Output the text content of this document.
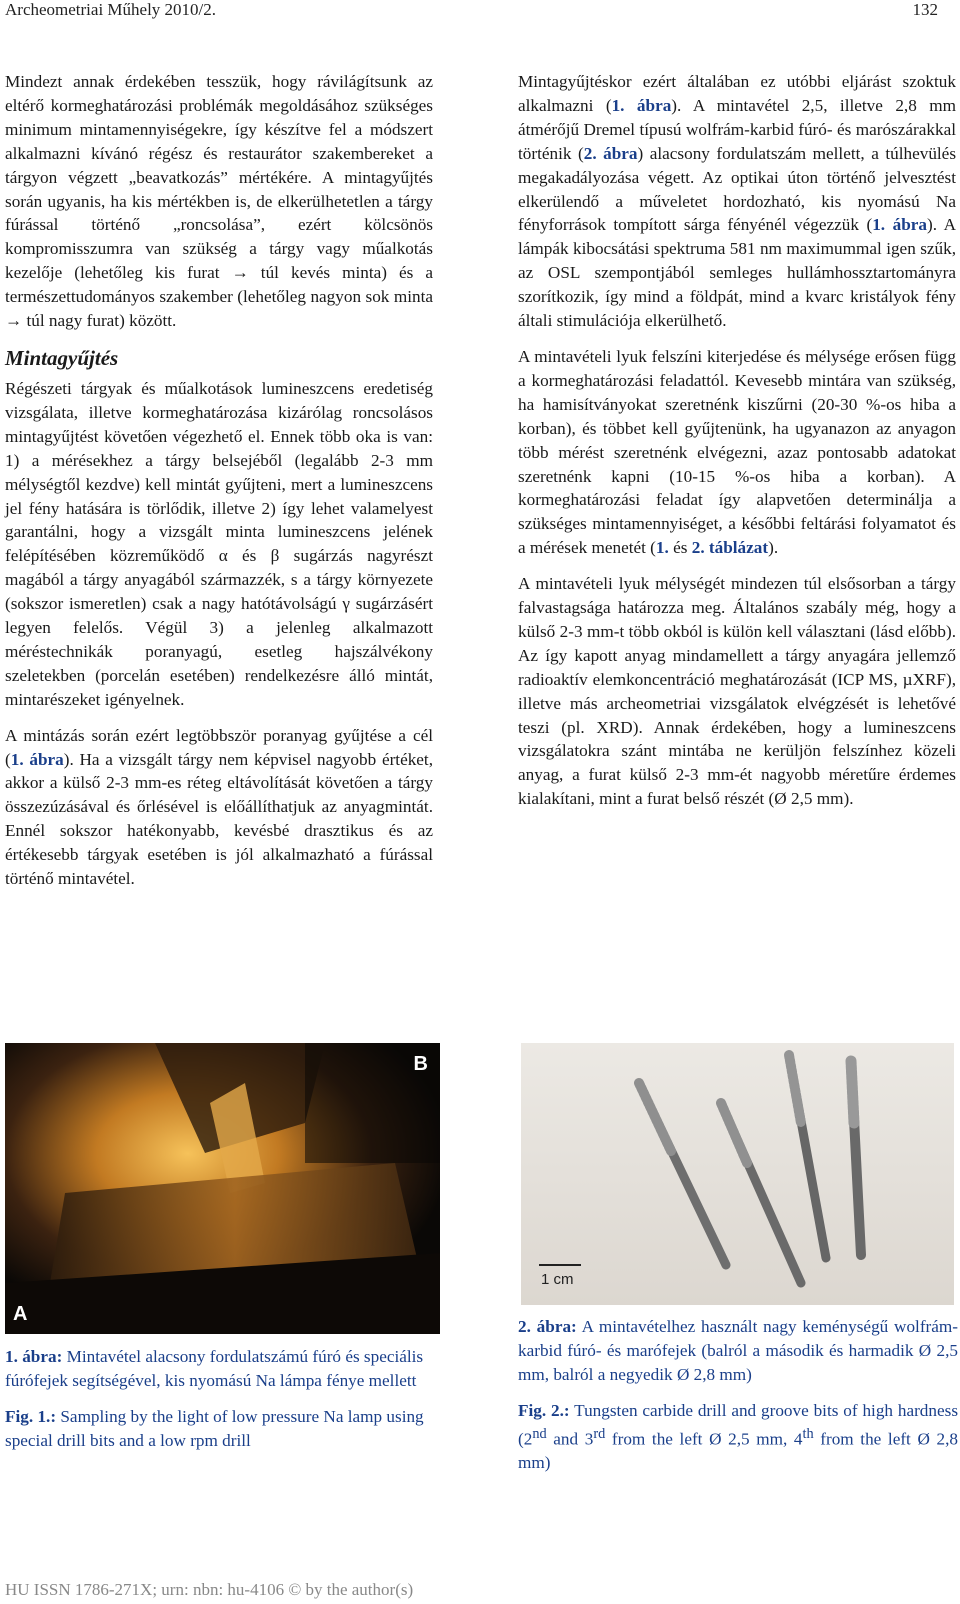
Archeometriai Műhely 2010/2.	132

Mindezt annak érdekében tesszük, hogy rávilágítsunk az eltérő kormeghatározási problémák megoldásához szükséges minimum mintamennyiségekre, így készítve fel a módszert alkalmazni kívánó régész és restaurátor szakembereket a tárgyon végzett „beavatkozás” mértékére. A mintagyűjtés során ugyanis, ha kis mértékben is, de elkerülhetetlen a tárgy fúrással történő „roncsolása”, ezért kölcsönös kompromisszumra van szükség a tárgy vagy műalkotás kezelője (lehetőleg kis furat → túl kevés minta) és a természettudományos szakember (lehetőleg nagyon sok minta → túl nagy furat) között.

Mintagyűjtés

Régészeti tárgyak és műalkotások lumineszcens eredetiség vizsgálata, illetve kormeghatározása kizárólag roncsolásos mintagyűjtést követően végezhető el. Ennek több oka is van: 1) a mérésekhez a tárgy belsejéből (legalább 2-3 mm mélységtől kezdve) kell mintát gyűjteni, mert a lumineszcens jel fény hatására is törlődik, illetve 2) így lehet valamelyest garantálni, hogy a vizsgált minta lumineszcens jelének felépítésében közreműködő α és β sugárzás nagyrészt magából a tárgy anyagából származzék, s a tárgy környezete (sokszor ismeretlen) csak a nagy hatótávolságú γ sugárzásért legyen felelős. Végül 3) a jelenleg alkalmazott méréstechnikák poranyagú, esetleg hajszálvékony szeletekben (porcelán esetében) rendelkezésre álló mintát, mintarészeket igényelnek.

A mintázás során ezért legtöbbször poranyag gyűjtése a cél (1. ábra). Ha a vizsgált tárgy nem képvisel nagyobb értéket, akkor a külső 2-3 mm-es réteg eltávolítását követően a tárgy összezúzásával és őrlésével is előállíthatjuk az anyagmintát. Ennél sokszor hatékonyabb, kevésbé drasztikus és az értékesebb tárgyak esetében is jól alkalmazható a fúrással történő mintavétel.

Mintagyűjtéskor ezért általában ez utóbbi eljárást szoktuk alkalmazni (1. ábra). A mintavétel 2,5, illetve 2,8 mm átmérőjű Dremel típusú wolfrám-karbid fúró- és marószárakkal történik (2. ábra) alacsony fordulatszám mellett, a túlhevülés megakadályozása végett. Az optikai úton történő jelvesztést elkerülendő a műveletet hordozható, kis nyomású Na fényforrások tompított sárga fényénél végezzük (1. ábra). A lámpák kibocsátási spektruma 581 nm maximummal igen szűk, az OSL szempontjából semleges hullámhossztartományra szorítkozik, így mind a földpát, mind a kvarc kristályok fény általi stimulációja elkerülhető.

A mintavételi lyuk felszíni kiterjedése és mélysége erősen függ a kormeghatározási feladattól. Kevesebb mintára van szükség, ha hamisítványokat szeretnénk kiszűrni (20-30 %-os hiba a korban), és többet kell gyűjtenünk, ha ugyanazon az anyagon több mérést szeretnénk elvégezni, azaz pontosabb adatokat szeretnénk kapni (10-15 %-os hiba a korban). A kormeghatározási feladat így alapvetően determinálja a szükséges mintamennyiséget, a későbbi feltárási folyamatot és a mérések menetét (1. és 2. táblázat).

A mintavételi lyuk mélységét mindezen túl elsősorban a tárgy falvastagsága határozza meg. Általános szabály még, hogy a külső 2-3 mm-t több okból is külön kell választani (lásd előbb). Az így kapott anyag mindamellett a tárgy anyagára jellemző radioaktív elemkoncentráció meghatározását (ICP MS, µXRF), illetve más archeometriai vizsgálatok elvégzését is lehetővé teszi (pl. XRD). Annak érdekében, hogy a lumineszcens vizsgálatokra szánt mintába ne kerüljön felszínhez közeli anyag, a furat külső 2-3 mm-ét nagyobb méretűre érdemes kialakítani, mint a furat belső részét (Ø 2,5 mm).

A
B
1 cm

1. ábra: Mintavétel alacsony fordulatszámú fúró és speciális fúrófejek segítségével, kis nyomású Na lámpa fénye mellett

Fig. 1.: Sampling by the light of low pressure Na lamp using special drill bits and a low rpm drill

2. ábra: A mintavételhez használt nagy keménységű wolfrám-karbid fúró- és marófejek (balról a második és harmadik Ø 2,5 mm, balról a negyedik Ø 2,8 mm)

Fig. 2.: Tungsten carbide drill and groove bits of high hardness (2nd and 3rd from the left Ø 2,5 mm, 4th from the left Ø 2,8 mm)

HU ISSN 1786-271X; urn: nbn: hu-4106 © by the author(s)
